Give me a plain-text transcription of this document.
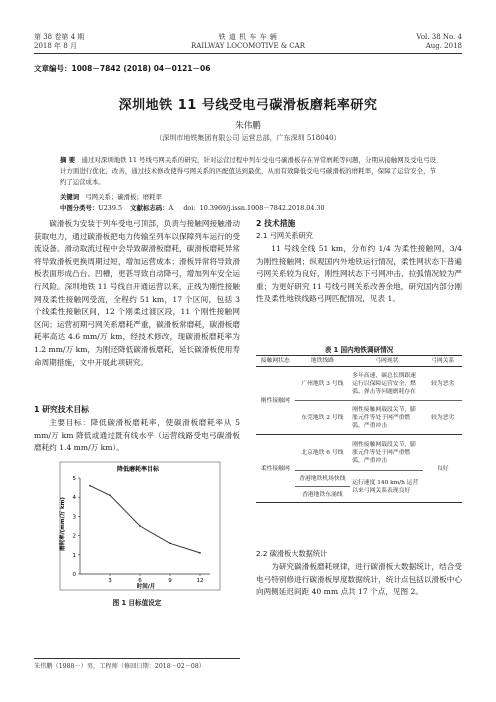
第 38 卷第 4 期
2018 年 8 月
铁 道 机 车 车 辆
RAILWAY LOCOMOTIVE & CAR
Vol. 38 No. 4
Aug. 2018
文章编号：1008－7842 (2018) 04－0121－06
深圳地铁 11 号线受电弓碳滑板磨耗率研究
朱伟鹏
（深圳市地铁集团有限公司 运营总部，广东深圳 518040）
摘 要 通过对深圳地铁 11 号线弓网关系的研究，针对运营过程中列车受电弓碳滑板存在异常磨耗等问题，分期从接触网及受电弓设计方面进行优化、改善，通过技术修改使得弓网关系的匹配值达到最优，从而有效降低受电弓碳滑板的磨耗率，保障了运营安全，节约了运营成本。
关键词 弓网关系；碳滑板；磨耗率
中图分类号：U239.5 文献标志码：A doi：10.3969/j.issn.1008－7842.2018.04.30
碳滑板为安装于列车受电弓顶部，负责与接触网接触滑动获取电力，通过碳滑板把电力传输至列车以保障列车运行的受流设备。滑动取流过程中会导致碳滑板磨耗，碳滑板磨耗异常将导致滑板更换周期过短，增加运营成本；滑板异常将导致滑板表面形成凸台、凹槽，更甚导致自动降弓，增加列车安全运行风险。深圳地铁 11 号线自开通运营以来，正线为刚性接触网及柔性接触网受流，全程约 51 km，17 个区间，包括 3 个线柔性接触区间，12 个刚柔过渡区段，11 个刚性接触网区间；运营初期弓网关系磨耗严重，碳滑板常磨耗，碳滑板磨耗率高达 4.6 mm/万 km，经技术修改，现碳滑板磨耗率为 1.2 mm/万 km，为刚还降低碳滑板磨耗，延长碳滑板使用寿命周期措施，文中开展此项研究。
1 研究技术目标
主要目标：降低碳滑板磨耗率，使碳滑板磨耗率从 5 mm/万 km 降低或通过既有线水平（运营线路受电弓碳滑板磨耗约 1.4 mm/万 km）。
降低磨耗率目标
磨耗率/(mm/万 km)
时间/月
0
1
2
3
4
5
3	6	9	12
图 1 目标值设定
朱伟鹏（1988－）男，工程师（修回日期：2018－02－08）
2 技术措施
2.1 弓网关系研究
11 号线全线 51 km，分布约 1/4 为柔性接触网，3/4 为刚性接触网；纵观国内外地铁运行情况，柔性网状态下普遍弓网关系较为良好，刚性网状态下弓网冲击、拉弧情况较为严重；为更好研究 11 号线弓网关系改善余地，研究国内部分刚性及柔性地铁线路弓网匹配情况，见表 1。
表 1 国内地铁调研情况
接触网状态	地铁线路	弓网现状	弓网关系
刚性接触网	广州地铁 3 号线	多年高速，碳总长期跟速运行以保障运营安全，燃弧、弹击等问题磨耗存在	较为恶劣
	东莞地铁 2 号线	刚性接触网载段关节，膨胀元件等处于网严重燃弧，严重冲击	较为恶劣
柔性接触网	北京地铁 6 号线	刚性接触网载段关节，膨胀元件等处于网严重燃弧，严重冲击	良好
	香港地铁机场快线	运行速度 140 km/h 运营以来弓网关系表现良好	
	香港地铁东涌线		
2.2 碳滑板大数据统计
为研究碳滑板磨耗规律，进行碳滑板大数据统计，结合受电弓特别修进行碳滑板厚度数据统计，统计点包括以滑板中心向两侧延迟间距 40 mm 点共 17 个点，见图 2。
